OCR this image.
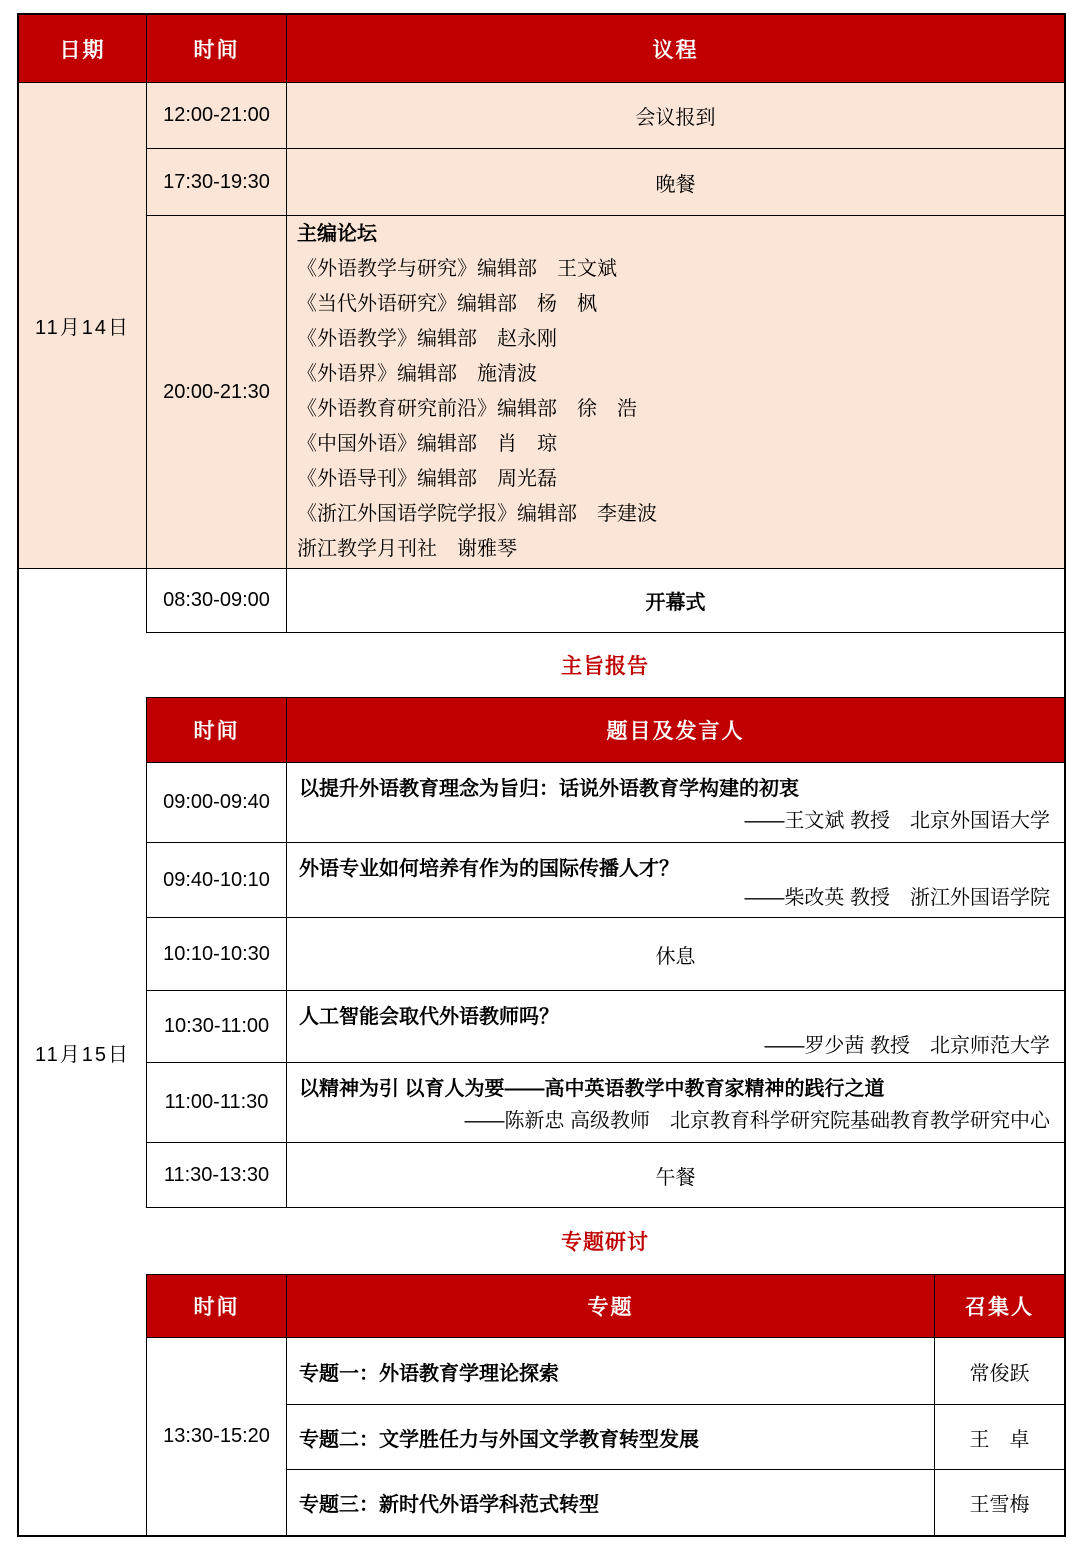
日期	时间	议程
11月14日
12:00-21:00	会议报到
17:30-19:30	晚餐
20:00-21:30
主编论坛
《外语教学与研究》编辑部　王文斌
《当代外语研究》编辑部　杨　枫
《外语教学》编辑部　赵永刚
《外语界》编辑部　施清波
《外语教育研究前沿》编辑部　徐　浩
《中国外语》编辑部　肖　琼
《外语导刊》编辑部　周光磊
《浙江外国语学院学报》编辑部　李建波
浙江教学月刊社　谢雅琴
11月15日
08:30-09:00	开幕式
主旨报告
时间	题目及发言人
09:00-09:40
以提升外语教育理念为旨归：话说外语教育学构建的初衷
——王文斌 教授　北京外国语大学
09:40-10:10 外语专业如何培养有作为的国际传播人才？
——柴改英 教授　浙江外国语学院
10:10-10:30	休息
10:30-11:00 人工智能会取代外语教师吗？
——罗少茜 教授　北京师范大学
11:00-11:30
以精神为引 以育人为要——高中英语教学中教育家精神的践行之道
——陈新忠 高级教师　北京教育科学研究院基础教育教学研究中心
11:30-13:30	午餐
专题研讨
时间	专题	召集人
13:30-15:20
专题一：外语教育学理论探索	常俊跃
专题二：文学胜任力与外国文学教育转型发展	王　卓
专题三：新时代外语学科范式转型	王雪梅
